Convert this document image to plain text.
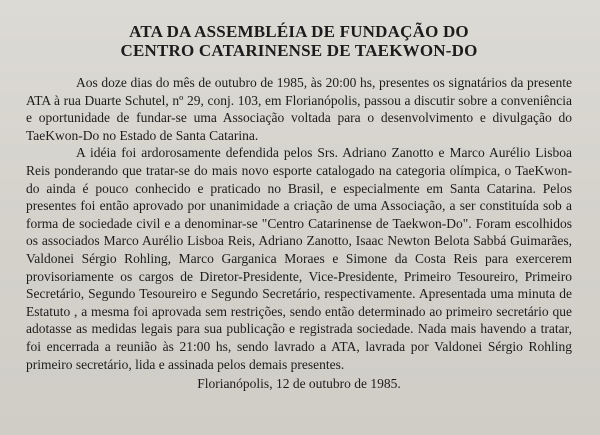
ATA DA ASSEMBLÉIA DE FUNDAÇÃO DO
CENTRO CATARINENSE DE TAEKWON-DO

Aos doze dias do mês de outubro de 1985, às 20:00 hs, presentes os signatários da presente ATA à rua Duarte Schutel, nº 29, conj. 103, em Florianópolis, passou a discutir sobre a conveniência e oportunidade de fundar-se uma Associação voltada para o desenvolvimento e divulgação do TaeKwon-Do no Estado de Santa Catarina.

A idéia foi ardorosamente defendida pelos Srs. Adriano Zanotto e Marco Aurélio Lisboa Reis ponderando que tratar-se do mais novo esporte catalogado na categoria olímpica, o TaeKwon-do ainda é pouco conhecido e praticado no Brasil, e especialmente em Santa Catarina. Pelos presentes foi então aprovado por unanimidade a criação de uma Associação, a ser constituída sob a forma de sociedade civil e a denominar-se "Centro Catarinense de Taekwon-Do". Foram escolhidos os associados Marco Aurélio Lisboa Reis, Adriano Zanotto, Isaac Newton Belota Sabbá Guimarães, Valdonei Sérgio Rohling, Marco Garganica Moraes e Simone da Costa Reis para exercerem provisoriamente os cargos de Diretor-Presidente, Vice-Presidente, Primeiro Tesoureiro, Primeiro Secretário, Segundo Tesoureiro e Segundo Secretário, respectivamente. Apresentada uma minuta de Estatuto , a mesma foi aprovada sem restrições, sendo então determinado ao primeiro secretário que adotasse as medidas legais para sua publicação e registrada sociedade. Nada mais havendo a tratar, foi encerrada a reunião às 21:00 hs, sendo lavrado a ATA, lavrada por Valdonei Sérgio Rohling primeiro secretário, lida e assinada pelos demais presentes.

Florianópolis, 12 de outubro de 1985.
